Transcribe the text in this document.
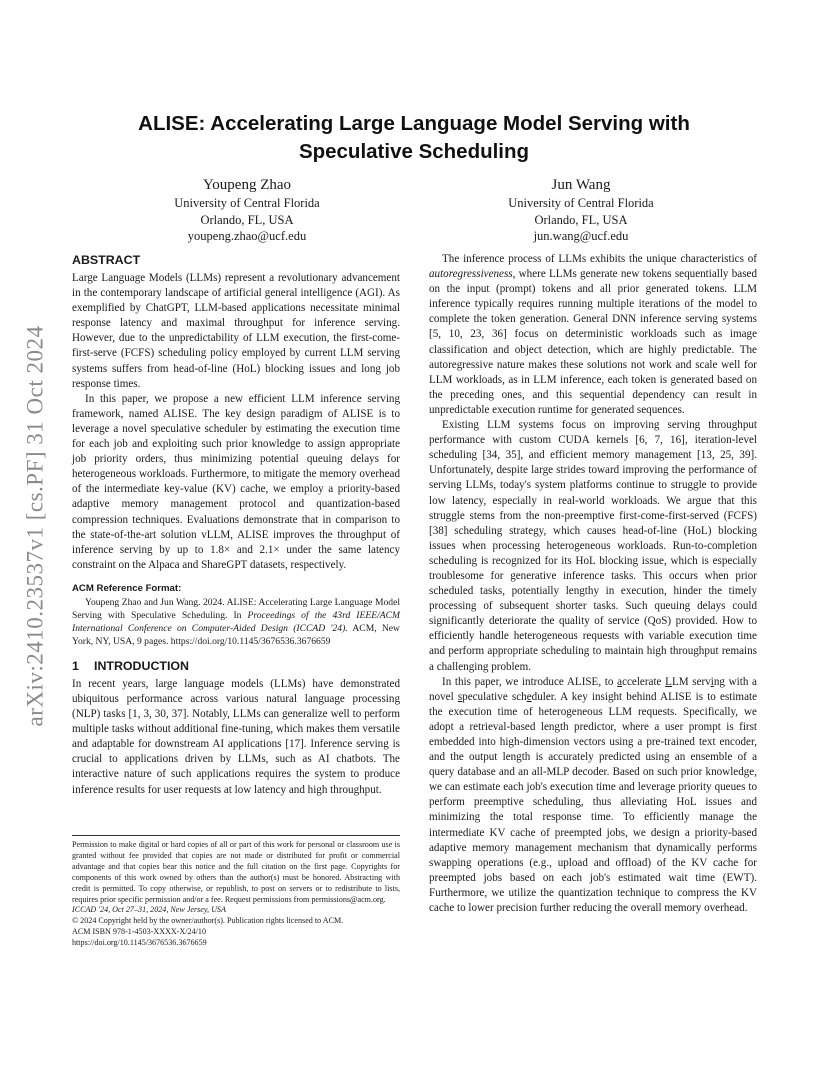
arXiv:2410.23537v1 [cs.PF] 31 Oct 2024
ALISE: Accelerating Large Language Model Serving with Speculative Scheduling
Youpeng Zhao
University of Central Florida
Orlando, FL, USA
youpeng.zhao@ucf.edu
Jun Wang
University of Central Florida
Orlando, FL, USA
jun.wang@ucf.edu
ABSTRACT

Large Language Models (LLMs) represent a revolutionary advancement in the contemporary landscape of artificial general intelligence (AGI). As exemplified by ChatGPT, LLM-based applications necessitate minimal response latency and maximal throughput for inference serving. However, due to the unpredictability of LLM execution, the first-come-first-serve (FCFS) scheduling policy employed by current LLM serving systems suffers from head-of-line (HoL) blocking issues and long job response times.

In this paper, we propose a new efficient LLM inference serving framework, named ALISE. The key design paradigm of ALISE is to leverage a novel speculative scheduler by estimating the execution time for each job and exploiting such prior knowledge to assign appropriate job priority orders, thus minimizing potential queuing delays for heterogeneous workloads. Furthermore, to mitigate the memory overhead of the intermediate key-value (KV) cache, we employ a priority-based adaptive memory management protocol and quantization-based compression techniques. Evaluations demonstrate that in comparison to the state-of-the-art solution vLLM, ALISE improves the throughput of inference serving by up to 1.8× and 2.1× under the same latency constraint on the Alpaca and ShareGPT datasets, respectively.

ACM Reference Format:

Youpeng Zhao and Jun Wang. 2024. ALISE: Accelerating Large Language Model Serving with Speculative Scheduling. In Proceedings of the 43rd IEEE/ACM International Conference on Computer-Aided Design (ICCAD '24). ACM, New York, NY, USA, 9 pages. https://doi.org/10.1145/3676536.3676659

1 INTRODUCTION

In recent years, large language models (LLMs) have demonstrated ubiquitous performance across various natural language processing (NLP) tasks [1, 3, 30, 37]. Notably, LLMs can generalize well to perform multiple tasks without additional fine-tuning, which makes them versatile and adaptable for downstream AI applications [17]. Inference serving is crucial to applications driven by LLMs, such as AI chatbots. The interactive nature of such applications requires the system to produce inference results for user requests at low latency and high throughput.

Permission to make digital or hard copies of all or part of this work for personal or classroom use is granted without fee provided that copies are not made or distributed for profit or commercial advantage and that copies bear this notice and the full citation on the first page. Copyrights for components of this work owned by others than the author(s) must be honored. Abstracting with credit is permitted. To copy otherwise, or republish, to post on servers or to redistribute to lists, requires prior specific permission and/or a fee. Request permissions from permissions@acm.org.

ICCAD '24, Oct 27–31, 2024, New Jersey, USA

© 2024 Copyright held by the owner/author(s). Publication rights licensed to ACM.

ACM ISBN 978-1-4503-XXXX-X/24/10

https://doi.org/10.1145/3676536.3676659

The inference process of LLMs exhibits the unique characteristics of autoregressiveness, where LLMs generate new tokens sequentially based on the input (prompt) tokens and all prior generated tokens. LLM inference typically requires running multiple iterations of the model to complete the token generation. General DNN inference serving systems [5, 10, 23, 36] focus on deterministic workloads such as image classification and object detection, which are highly predictable. The autoregressive nature makes these solutions not work and scale well for LLM workloads, as in LLM inference, each token is generated based on the preceding ones, and this sequential dependency can result in unpredictable execution runtime for generated sequences.

Existing LLM systems focus on improving serving throughput performance with custom CUDA kernels [6, 7, 16], iteration-level scheduling [34, 35], and efficient memory management [13, 25, 39]. Unfortunately, despite large strides toward improving the performance of serving LLMs, today's system platforms continue to struggle to provide low latency, especially in real-world workloads. We argue that this struggle stems from the non-preemptive first-come-first-served (FCFS) [38] scheduling strategy, which causes head-of-line (HoL) blocking issues when processing heterogeneous workloads. Run-to-completion scheduling is recognized for its HoL blocking issue, which is especially troublesome for generative inference tasks. This occurs when prior scheduled tasks, potentially lengthy in execution, hinder the timely processing of subsequent shorter tasks. Such queuing delays could significantly deteriorate the quality of service (QoS) provided. How to efficiently handle heterogeneous requests with variable execution time and perform appropriate scheduling to maintain high throughput remains a challenging problem.

In this paper, we introduce ALISE, to accelerate LLM serving with a novel speculative scheduler. A key insight behind ALISE is to estimate the execution time of heterogeneous LLM requests. Specifically, we adopt a retrieval-based length predictor, where a user prompt is first embedded into high-dimension vectors using a pre-trained text encoder, and the output length is accurately predicted using an ensemble of a query database and an all-MLP decoder. Based on such prior knowledge, we can estimate each job's execution time and leverage priority queues to perform preemptive scheduling, thus alleviating HoL issues and minimizing the total response time. To efficiently manage the intermediate KV cache of preempted jobs, we design a priority-based adaptive memory management mechanism that dynamically performs swapping operations (e.g., upload and offload) of the KV cache for preempted jobs based on each job's estimated wait time (EWT). Furthermore, we utilize the quantization technique to compress the KV cache to lower precision further reducing the overall memory overhead.
